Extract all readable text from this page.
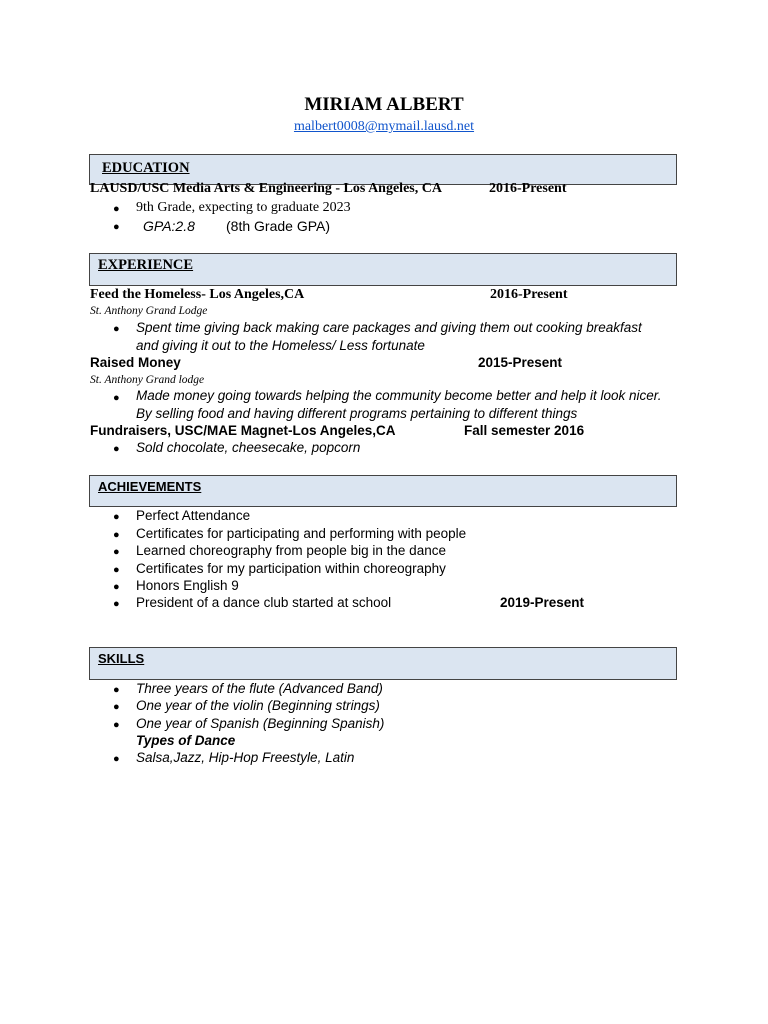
MIRIAM ALBERT
malbert0008@mymail.lausd.net
EDUCATION
LAUSD/USC Media Arts & Engineering - Los Angeles, CA	2016-Present
● 9th Grade, expecting to graduate 2023
● GPA:2.8 (8th Grade GPA)
EXPERIENCE
Feed the Homeless- Los Angeles,CA	2016-Present
St. Anthony Grand Lodge
● Spent time giving back making care packages and giving them out cooking breakfast
and giving it out to the Homeless/ Less fortunate
Raised Money	2015-Present
St. Anthony Grand lodge
● Made money going towards helping the community become better and help it look nicer.
By selling food and having different programs pertaining to different things
Fundraisers, USC/MAE Magnet-Los Angeles,CA	Fall semester 2016
● Sold chocolate, cheesecake, popcorn
ACHIEVEMENTS
● Perfect Attendance
● Certificates for participating and performing with people
● Learned choreography from people big in the dance
● Certificates for my participation within choreography
● Honors English 9
● President of a dance club started at school	2019-Present
SKILLS
● Three years of the flute (Advanced Band)
● One year of the violin (Beginning strings)
● One year of Spanish (Beginning Spanish)
Types of Dance
● Salsa,Jazz, Hip-Hop Freestyle, Latin
